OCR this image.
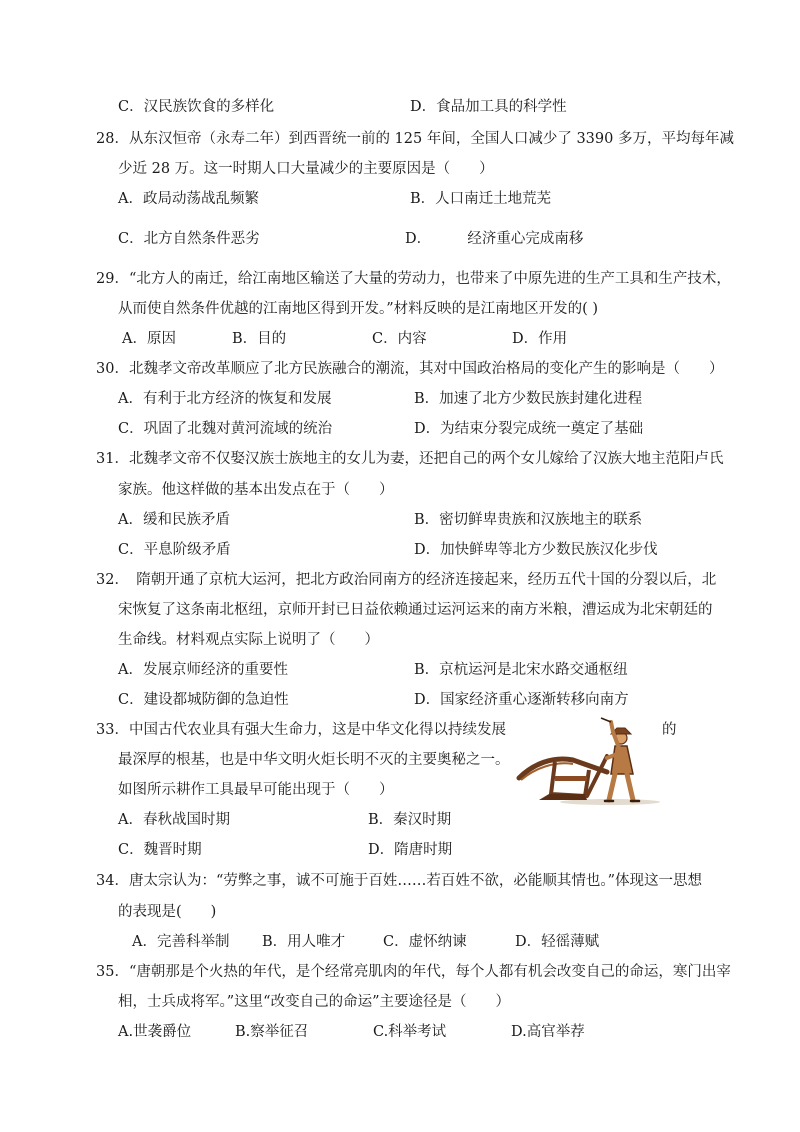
C．汉民族饮食的多样化	D．食品加工具的科学性
28．从东汉恒帝（永寿二年）到西晋统一前的 125 年间，全国人口减少了 3390 多万，平均每年减
少近 28 万。这一时期人口大量减少的主要原因是（　　）
A．政局动荡战乱频繁	B．人口南迁土地荒芜
C．北方自然条件恶劣	D．　　　经济重心完成南移
29．“北方人的南迁，给江南地区输送了大量的劳动力，也带来了中原先进的生产工具和生产技术，
从而使自然条件优越的江南地区得到开发。”材料反映的是江南地区开发的( )
A．原因	B．目的	C．内容	D．作用
30．北魏孝文帝改革顺应了北方民族融合的潮流，其对中国政治格局的变化产生的影响是（　　）
A．有利于北方经济的恢复和发展	B．加速了北方少数民族封建化进程
C．巩固了北魏对黄河流域的统治	D．为结束分裂完成统一奠定了基础
31．北魏孝文帝不仅娶汉族士族地主的女儿为妻，还把自己的两个女儿嫁给了汉族大地主范阳卢氏
家族。他这样做的基本出发点在于（　　）
A．缓和民族矛盾	B．密切鲜卑贵族和汉族地主的联系
C．平息阶级矛盾	D．加快鲜卑等北方少数民族汉化步伐
32．　隋朝开通了京杭大运河，把北方政治同南方的经济连接起来，经历五代十国的分裂以后，北
宋恢复了这条南北枢纽，京师开封已日益依赖通过运河运来的南方米粮，漕运成为北宋朝廷的
生命线。材料观点实际上说明了（　　）
A．发展京师经济的重要性	B．京杭运河是北宋水路交通枢纽
C．建设都城防御的急迫性	D．国家经济重心逐渐转移向南方
33．中国古代农业具有强大生命力，这是中华文化得以持续发展	的
最深厚的根基，也是中华文明火炬长明不灭的主要奥秘之一。
如图所示耕作工具最早可能出现于（　　）
A．春秋战国时期	B．秦汉时期
C．魏晋时期	D．隋唐时期
34．唐太宗认为：“劳弊之事，诚不可施于百姓……若百姓不欲，必能顺其情也。”体现这一思想
的表现是(　　)
A．完善科举制 B．用人唯才	C．虚怀纳谏	D．轻徭薄赋
35．“唐朝那是个火热的年代，是个经常亮肌肉的年代，每个人都有机会改变自己的命运，寒门出宰
相，士兵成将军。”这里“改变自己的命运”主要途径是（　　）
A.世袭爵位	B.察举征召	C.科举考试	D.高官举荐
